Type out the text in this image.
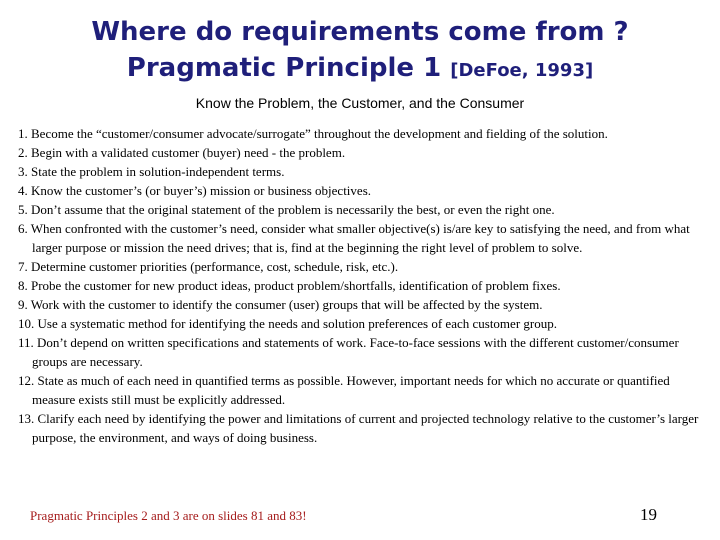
Where do requirements come from ?
Pragmatic Principle 1 [DeFoe, 1993]

Know the Problem, the Customer, and the Consumer

1. Become the “customer/consumer advocate/surrogate” throughout the development and fielding of the solution.
2. Begin with a validated customer (buyer) need - the problem.
3. State the problem in solution-independent terms.
4. Know the customer’s (or buyer’s) mission or business objectives.
5. Don’t assume that the original statement of the problem is necessarily the best, or even the right one.
6. When confronted with the customer’s need, consider what smaller objective(s) is/are key to satisfying the need, and from what larger purpose or mission the need drives; that is, find at the beginning the right level of problem to solve.
7. Determine customer priorities (performance, cost, schedule, risk, etc.).
8. Probe the customer for new product ideas, product problem/shortfalls, identification of problem fixes.
9. Work with the customer to identify the consumer (user) groups that will be affected by the system.
10. Use a systematic method for identifying the needs and solution preferences of each customer group.
11. Don’t depend on written specifications and statements of work. Face-to-face sessions with the different customer/consumer groups are necessary.
12. State as much of each need in quantified terms as possible. However, important needs for which no accurate or quantified measure exists still must be explicitly addressed.
13. Clarify each need by identifying the power and limitations of current and projected technology relative to the customer’s larger purpose, the environment, and ways of doing business.

Pragmatic Principles 2 and 3 are on slides 81 and 83!	19
